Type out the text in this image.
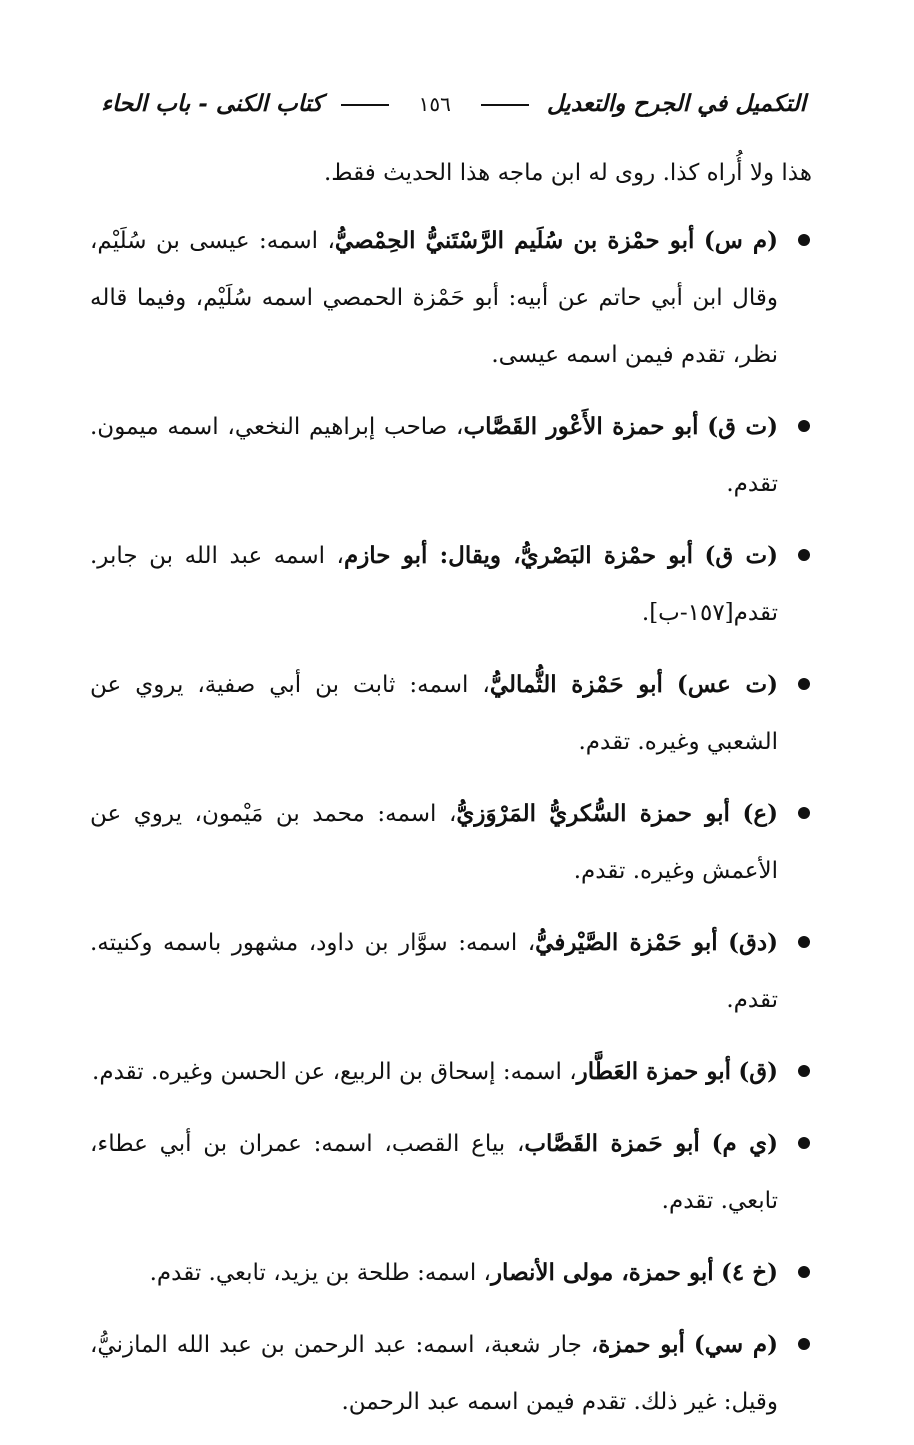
التكميل في الجرح والتعديل  ١٥٦  كتاب الكنى - باب الحاء

هذا ولا أُراه كذا. روى له ابن ماجه هذا الحديث فقط.

(م س) أبو حمْزة بن سُلَيم الرَّسْتَنيُّ الحِمْصيُّ، اسمه: عيسى بن سُلَيْم، وقال ابن أبي حاتم عن أبيه: أبو حَمْزة الحمصي اسمه سُلَيْم، وفيما قاله نظر، تقدم فيمن اسمه عيسى.
(ت ق) أبو حمزة الأَعْور القَصَّاب، صاحب إبراهيم النخعي، اسمه ميمون. تقدم.
(ت ق) أبو حمْزة البَصْريُّ، ويقال: أبو حازم، اسمه عبد الله بن جابر. تقدم[١٥٧-ب].
(ت عس) أبو حَمْزة الثُّماليُّ، اسمه: ثابت بن أبي صفية، يروي عن الشعبي وغيره. تقدم.
(ع) أبو حمزة السُّكريُّ المَرْوَزيُّ، اسمه: محمد بن مَيْمون، يروي عن الأعمش وغيره. تقدم.
(دق) أبو حَمْزة الصَّيْرفيُّ، اسمه: سوَّار بن داود، مشهور باسمه وكنيته. تقدم.
(ق) أبو حمزة العَطَّار، اسمه: إسحاق بن الربيع، عن الحسن وغيره. تقدم.
(ي م) أبو حَمزة القَصَّاب، بياع القصب، اسمه: عمران بن أبي عطاء، تابعي. تقدم.
(خ ٤) أبو حمزة، مولى الأنصار، اسمه: طلحة بن يزيد، تابعي. تقدم.
(م سي) أبو حمزة، جار شعبة، اسمه: عبد الرحمن بن عبد الله المازنيُّ، وقيل: غير ذلك. تقدم فيمن اسمه عبد الرحمن.
